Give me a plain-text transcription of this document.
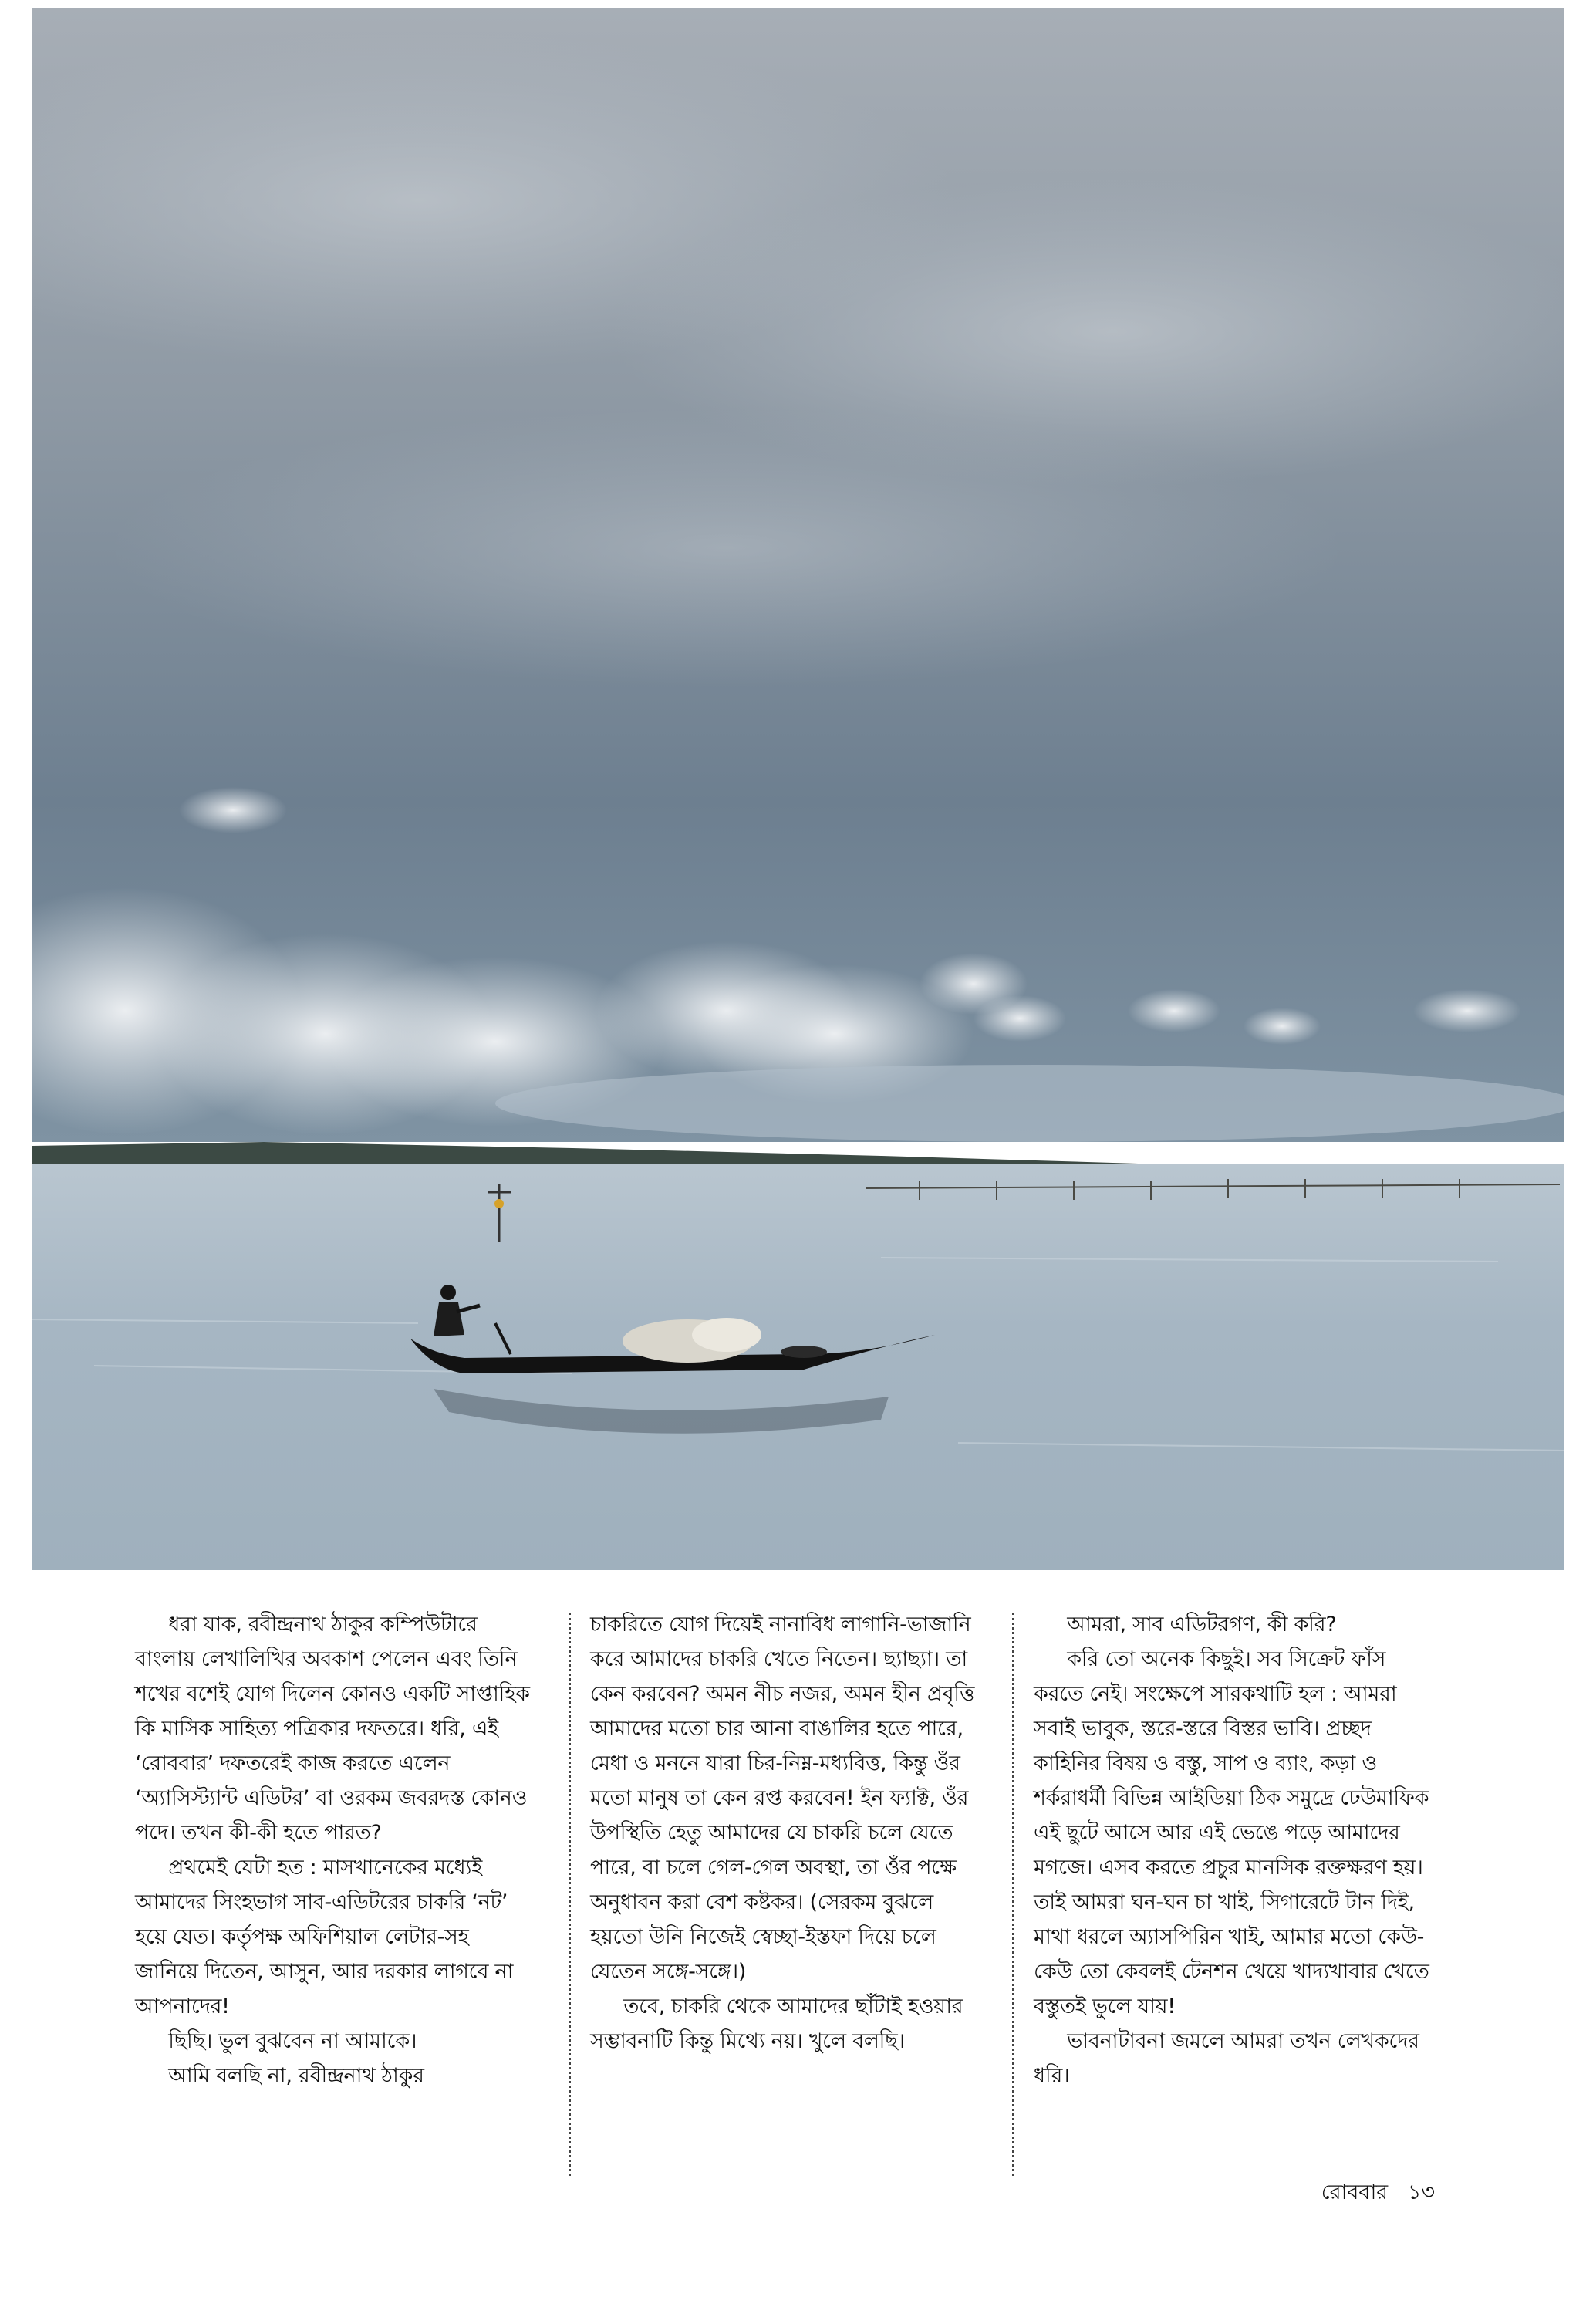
ধরা যাক, রবীন্দ্রনাথ ঠাকুর কম্পিউটারে বাংলায় লেখালিখির অবকাশ পেলেন এবং তিনি শখের বশেই যোগ দিলেন কোনও একটি সাপ্তাহিক কি মাসিক সাহিত্য পত্রিকার দফতরে। ধরি, এই ‘রোববার’ দফতরেই কাজ করতে এলেন ‘অ্যাসিস্ট্যান্ট এডিটর’ বা ওরকম জবরদস্ত কোনও পদে। তখন কী-কী হতে পারত?

প্রথমেই যেটা হত : মাসখানেকের মধ্যেই আমাদের সিংহভাগ সাব-এডিটরের চাকরি ‘নট’ হয়ে যেত। কর্তৃপক্ষ অফিশিয়াল লেটার-সহ জানিয়ে দিতেন, আসুন, আর দরকার লাগবে না আপনাদের!

ছিছি। ভুল বুঝবেন না আমাকে।

আমি বলছি না, রবীন্দ্রনাথ ঠাকুর

চাকরিতে যোগ দিয়েই নানাবিধ লাগানি-ভাজানি করে আমাদের চাকরি খেতে নিতেন। ছ্যাছ্যা। তা কেন করবেন? অমন নীচ নজর, অমন হীন প্রবৃত্তি আমাদের মতো চার আনা বাঙালির হতে পারে, মেধা ও মননে যারা চির-নিম্ন-মধ্যবিত্ত, কিন্তু ওঁর মতো মানুষ তা কেন রপ্ত করবেন! ইন ফ্যাক্ট, ওঁর উপস্থিতি হেতু আমাদের যে চাকরি চলে যেতে পারে, বা চলে গেল-গেল অবস্থা, তা ওঁর পক্ষে অনুধাবন করা বেশ কষ্টকর। (সেরকম বুঝলে হয়তো উনি নিজেই স্বেচ্ছা-ইস্তফা দিয়ে চলে যেতেন সঙ্গে-সঙ্গে।)

তবে, চাকরি থেকে আমাদের ছাঁটাই হওয়ার সম্ভাবনাটি কিন্তু মিথ্যে নয়। খুলে বলছি।

আমরা, সাব এডিটরগণ, কী করি?

করি তো অনেক কিছুই। সব সিক্রেট ফাঁস করতে নেই। সংক্ষেপে সারকথাটি হল : আমরা সবাই ভাবুক, স্তরে-স্তরে বিস্তর ভাবি। প্রচ্ছদ কাহিনির বিষয় ও বস্তু, সাপ ও ব্যাং, কড়া ও শর্করাধর্মী বিভিন্ন আইডিয়া ঠিক সমুদ্রে ঢেউমাফিক এই ছুটে আসে আর এই ভেঙে পড়ে আমাদের মগজে। এসব করতে প্রচুর মানসিক রক্তক্ষরণ হয়। তাই আমরা ঘন-ঘন চা খাই, সিগারেটে টান দিই, মাথা ধরলে অ্যাসপিরিন খাই, আমার মতো কেউ-কেউ তো কেবলই টেনশন খেয়ে খাদ্যখাবার খেতে বস্তুতই ভুলে যায়!

ভাবনাটাবনা জমলে আমরা তখন লেখকদের ধরি।

রোববার ১৩
